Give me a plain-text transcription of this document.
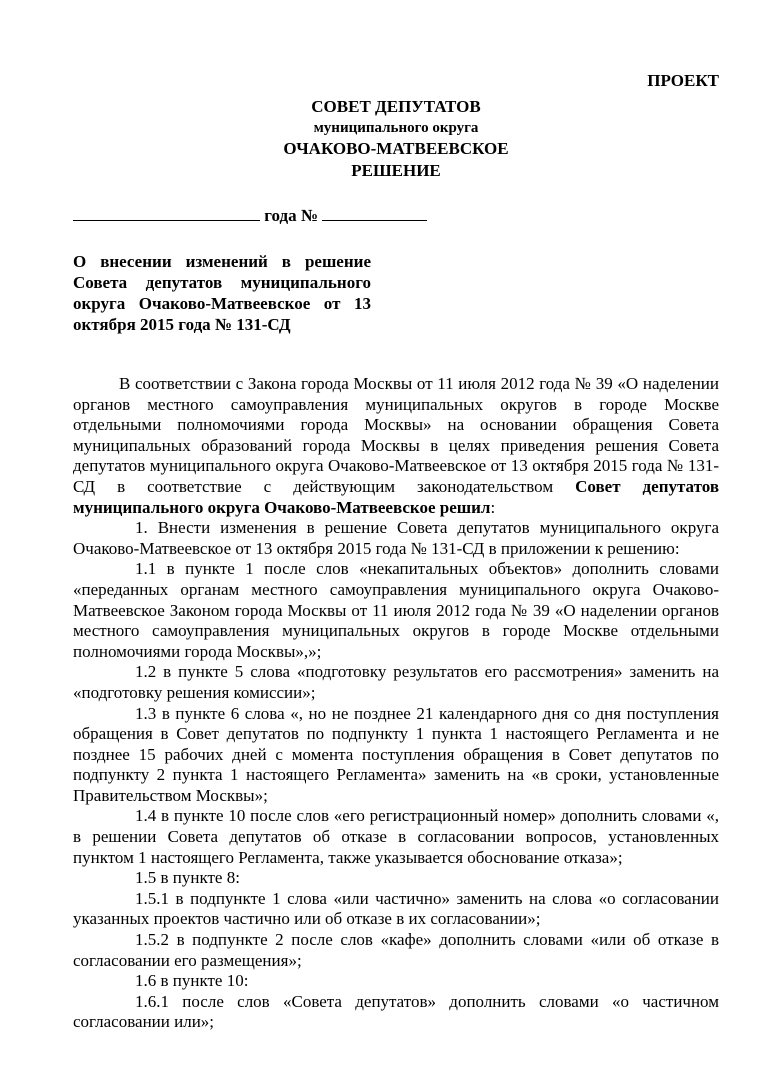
ПРОЕКТ

СОВЕТ ДЕПУТАТОВ

муниципального округа

ОЧАКОВО-МАТВЕЕВСКОЕ

РЕШЕНИЕ

года №
О внесении изменений в решение Совета депутатов муниципального округа Очаково-Матвеевское от 13 октября 2015 года № 131-СД

В соответствии с Закона города Москвы от 11 июля 2012 года № 39 «О наделении органов местного самоуправления муниципальных округов в городе Москве отдельными полномочиями города Москвы» на основании обращения Совета муниципальных образований города Москвы в целях приведения решения Совета депутатов муниципального округа Очаково-Матвеевское от 13 октября 2015 года № 131-СД в соответствие с действующим законодательством Совет депутатов муниципального округа Очаково-Матвеевское решил:

1. Внести изменения в решение Совета депутатов муниципального округа Очаково-Матвеевское от 13 октября 2015 года № 131-СД в приложении к решению:

1.1 в пункте 1 после слов «некапитальных объектов» дополнить словами «переданных органам местного самоуправления муниципального округа Очаково-Матвеевское Законом города Москвы от 11 июля 2012 года № 39 «О наделении органов местного самоуправления муниципальных округов в городе Москве отдельными полномочиями города Москвы»,»;

1.2 в пункте 5 слова «подготовку результатов его рассмотрения» заменить на «подготовку решения комиссии»;

1.3 в пункте 6 слова «, но не позднее 21 календарного дня со дня поступления обращения в Совет депутатов по подпункту 1 пункта 1 настоящего Регламента и не позднее 15 рабочих дней с момента поступления обращения в Совет депутатов по подпункту 2 пункта 1 настоящего Регламента» заменить на «в сроки, установленные Правительством Москвы»;

1.4 в пункте 10 после слов «его регистрационный номер» дополнить словами «, в решении Совета депутатов об отказе в согласовании вопросов, установленных пунктом 1 настоящего Регламента, также указывается обоснование отказа»;

1.5 в пункте 8:

1.5.1 в подпункте 1 слова «или частично» заменить на слова «о согласовании указанных проектов частично или об отказе в их согласовании»;

1.5.2 в подпункте 2 после слов «кафе» дополнить словами «или об отказе в согласовании его размещения»;

1.6 в пункте 10:

1.6.1 после слов «Совета депутатов» дополнить словами «о частичном согласовании или»;
